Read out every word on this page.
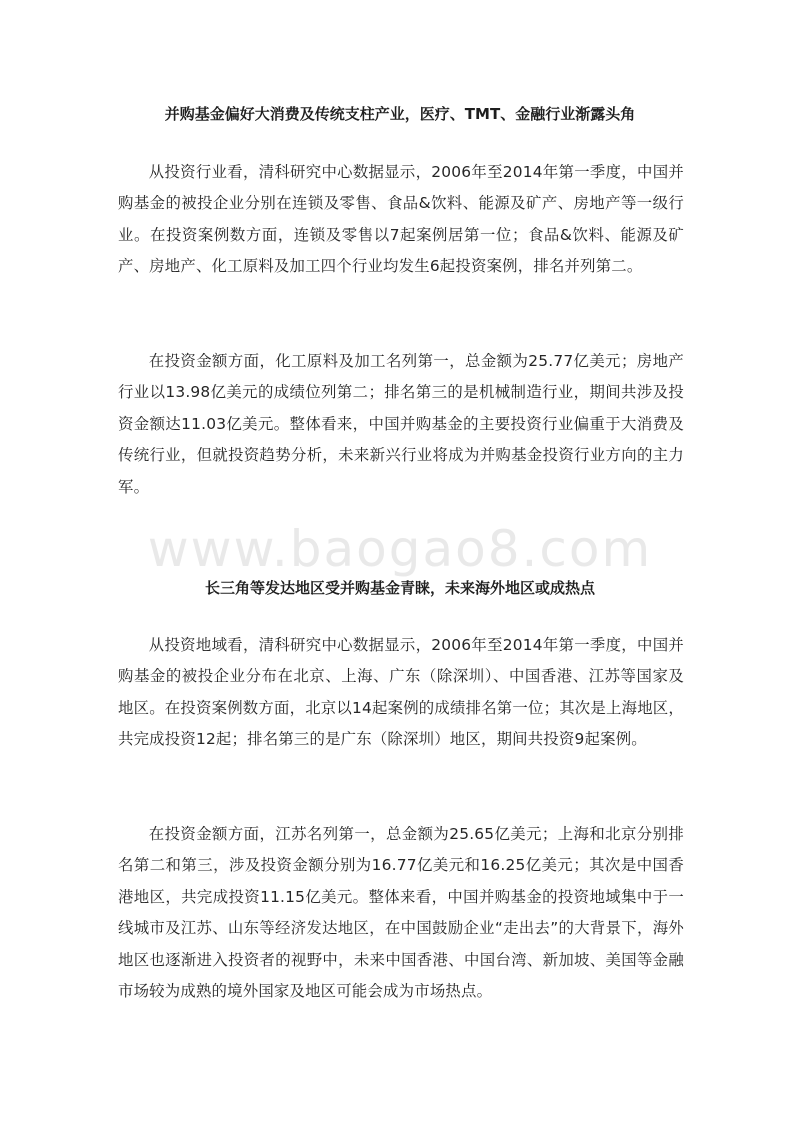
www.baogao8.com
并购基金偏好大消费及传统支柱产业，医疗、TMT、金融行业渐露头角

从投资行业看，清科研究中心数据显示，2006年至2014年第一季度，中国并购基金的被投企业分别在连锁及零售、食品&饮料、能源及矿产、房地产等一级行业。在投资案例数方面，连锁及零售以7起案例居第一位；食品&饮料、能源及矿产、房地产、化工原料及加工四个行业均发生6起投资案例，排名并列第二。

在投资金额方面，化工原料及加工名列第一，总金额为25.77亿美元；房地产行业以13.98亿美元的成绩位列第二；排名第三的是机械制造行业，期间共涉及投资金额达11.03亿美元。整体看来，中国并购基金的主要投资行业偏重于大消费及传统行业，但就投资趋势分析，未来新兴行业将成为并购基金投资行业方向的主力军。

长三角等发达地区受并购基金青睐，未来海外地区或成热点

从投资地域看，清科研究中心数据显示，2006年至2014年第一季度，中国并购基金的被投企业分布在北京、上海、广东（除深圳）、中国香港、江苏等国家及地区。在投资案例数方面，北京以14起案例的成绩排名第一位；其次是上海地区，共完成投资12起；排名第三的是广东（除深圳）地区，期间共投资9起案例。

在投资金额方面，江苏名列第一，总金额为25.65亿美元；上海和北京分别排名第二和第三，涉及投资金额分别为16.77亿美元和16.25亿美元；其次是中国香港地区，共完成投资11.15亿美元。整体来看，中国并购基金的投资地域集中于一线城市及江苏、山东等经济发达地区，在中国鼓励企业“走出去”的大背景下，海外地区也逐渐进入投资者的视野中，未来中国香港、中国台湾、新加坡、美国等金融市场较为成熟的境外国家及地区可能会成为市场热点。
